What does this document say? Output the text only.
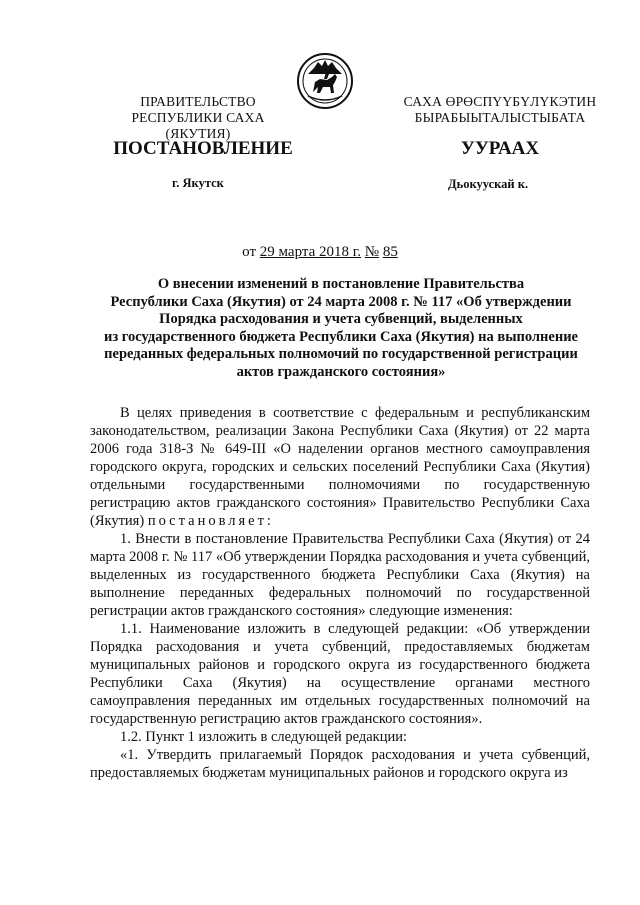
ПРАВИТЕЛЬСТВО
РЕСПУБЛИКИ САХА (ЯКУТИЯ)
САХА ӨРӨСПҮҮБҮЛҮКЭТИН
БЫРАБЫЫТАЛЫСТЫБАТА
ПОСТАНОВЛЕНИЕ	УУРААХ
г. Якутск	Дьокуускай к.
от 29 марта 2018 г. № 85
О внесении изменений в постановление Правительства
Республики Саха (Якутия) от 24 марта 2008 г. № 117 «Об утверждении
Порядка расходования и учета субвенций, выделенных
из государственного бюджета Республики Саха (Якутия) на выполнение
переданных федеральных полномочий по государственной регистрации
актов гражданского состояния»

В целях приведения в соответствие с федеральным и республиканским законодательством, реализации Закона Республики Саха (Якутия) от 22 марта 2006 года 318-З № 649-III «О наделении органов местного самоуправления городского округа, городских и сельских поселений Республики Саха (Якутия) отдельными государственными полномочиями по государственную регистрацию актов гражданского состояния» Правительство Республики Саха (Якутия) постановляет:

1. Внести в постановление Правительства Республики Саха (Якутия) от 24 марта 2008 г. № 117 «Об утверждении Порядка расходования и учета субвенций, выделенных из государственного бюджета Республики Саха (Якутия) на выполнение переданных федеральных полномочий по государственной регистрации актов гражданского состояния» следующие изменения:

1.1. Наименование изложить в следующей редакции: «Об утверждении Порядка расходования и учета субвенций, предоставляемых бюджетам муниципальных районов и городского округа из государственного бюджета Республики Саха (Якутия) на осуществление органами местного самоуправления переданных им отдельных государственных полномочий на государственную регистрацию актов гражданского состояния».

1.2. Пункт 1 изложить в следующей редакции:

«1. Утвердить прилагаемый Порядок расходования и учета субвенций, предоставляемых бюджетам муниципальных районов и городского округа из
